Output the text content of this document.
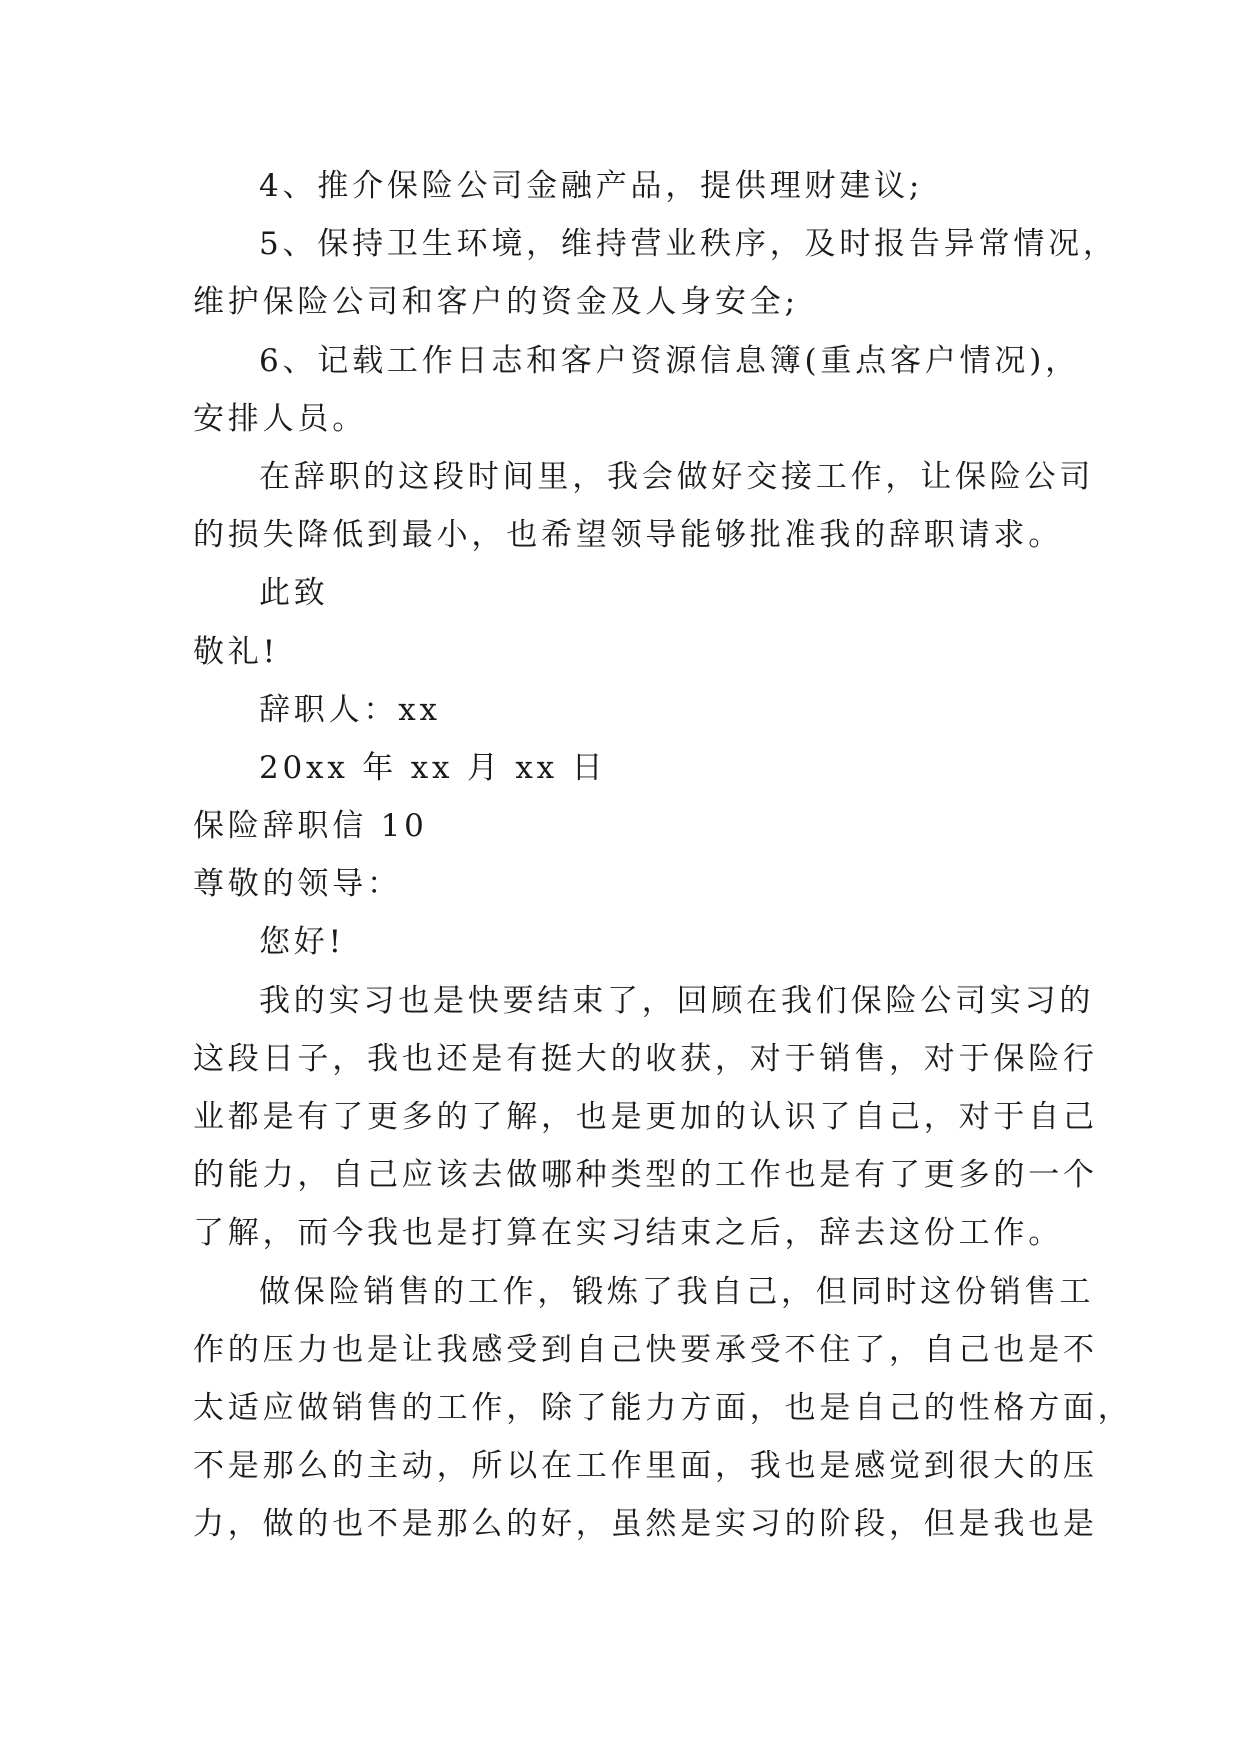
4、推介保险公司金融产品，提供理财建议;
5、保持卫生环境，维持营业秩序，及时报告异常情况，
维护保险公司和客户的资金及人身安全;
6、记载工作日志和客户资源信息簿(重点客户情况)，
安排人员。
在辞职的这段时间里，我会做好交接工作，让保险公司
的损失降低到最小，也希望领导能够批准我的辞职请求。
此致
敬礼!
辞职人：xx
20xx 年 xx 月 xx 日
保险辞职信 10
尊敬的领导：
您好!
我的实习也是快要结束了，回顾在我们保险公司实习的
这段日子，我也还是有挺大的收获，对于销售，对于保险行
业都是有了更多的了解，也是更加的认识了自己，对于自己
的能力，自己应该去做哪种类型的工作也是有了更多的一个
了解，而今我也是打算在实习结束之后，辞去这份工作。
做保险销售的工作，锻炼了我自己，但同时这份销售工
作的压力也是让我感受到自己快要承受不住了，自己也是不
太适应做销售的工作，除了能力方面，也是自己的性格方面，
不是那么的主动，所以在工作里面，我也是感觉到很大的压
力，做的也不是那么的好，虽然是实习的阶段，但是我也是
